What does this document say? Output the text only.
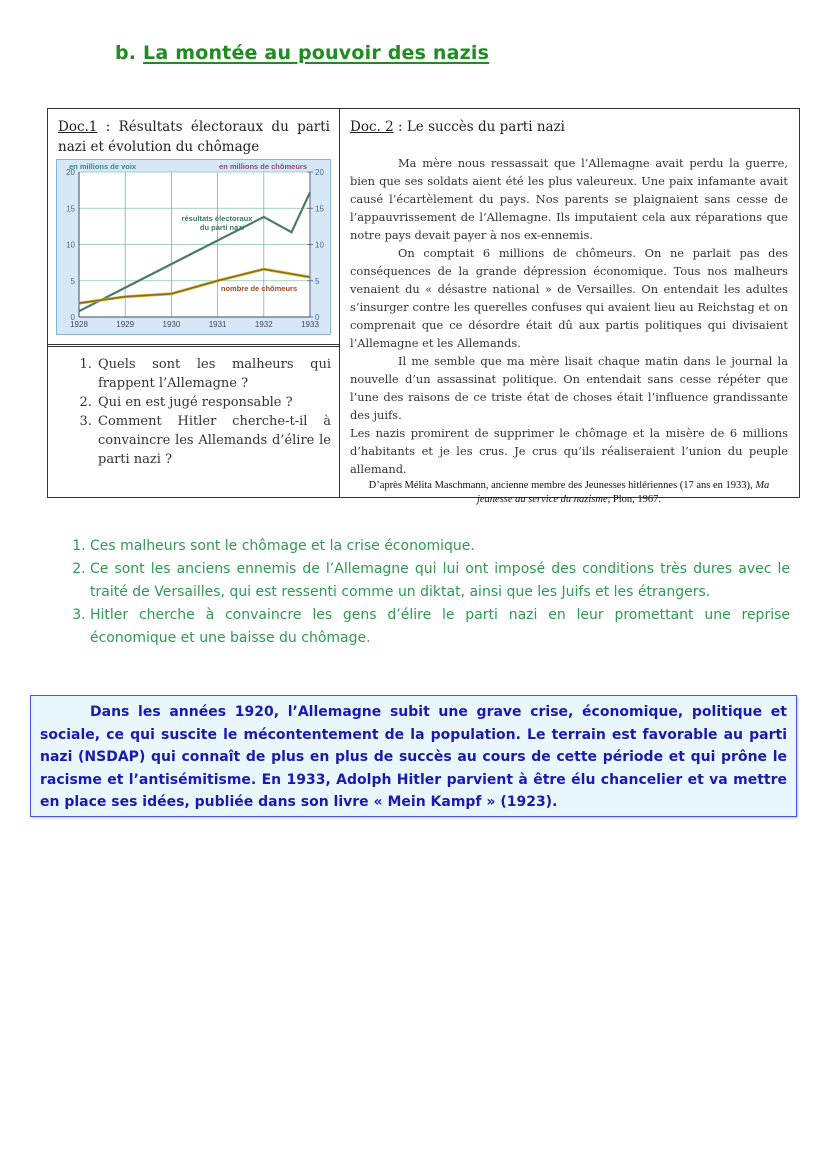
b. La montée au pouvoir des nazis
Doc.1 : Résultats électoraux du parti nazi et évolution du chômage
0	0
5	5
10	10
15	15
20	20
1928	1929	1930	1931	1932	1933
en millions de voix	en millions de chômeurs
résultats électoraux
du parti nazi
nombre de chômeurs
1. Quels sont les malheurs qui frappent l’Allemagne ?
2. Qui en est jugé responsable ?
3. Comment Hitler cherche-t-il à convaincre les Allemands d’élire le parti nazi ?
Doc. 2 : Le succès du parti nazi

Ma mère nous ressassait que l’Allemagne avait perdu la guerre, bien que ses soldats aient été les plus valeureux. Une paix infamante avait causé l’écartèlement du pays. Nos parents se plaignaient sans cesse de l’appauvrissement de l’Allemagne. Ils imputaient cela aux réparations que notre pays devait payer à nos ex-ennemis.

On comptait 6 millions de chômeurs. On ne parlait pas des conséquences de la grande dépression économique. Tous nos malheurs venaient du « désastre national » de Versailles. On entendait les adultes s’insurger contre les querelles confuses qui avaient lieu au Reichstag et on comprenait que ce désordre était dû aux partis politiques qui divisaient l’Allemagne et les Allemands.

Il me semble que ma mère lisait chaque matin dans le journal la nouvelle d’un assassinat politique. On entendait sans cesse répéter que l’une des raisons de ce triste état de choses était l’influence grandissante des juifs.

Les nazis promirent de supprimer le chômage et la misère de 6 millions d’habitants et je les crus. Je crus qu’ils réaliseraient l’union du peuple allemand.

D’après Mélita Maschmann, ancienne membre des Jeunesses hitlériennes (17 ans en 1933), Ma jeunesse au service du nazisme, Plon, 1967.
1. Ces malheurs sont le chômage et la crise économique.
2. Ce sont les anciens ennemis de l’Allemagne qui lui ont imposé des conditions très dures avec le traité de Versailles, qui est ressenti comme un diktat, ainsi que les Juifs et les étrangers.
3. Hitler cherche à convaincre les gens d’élire le parti nazi en leur promettant une reprise économique et une baisse du chômage.
Dans les années 1920, l’Allemagne subit une grave crise, économique, politique et sociale, ce qui suscite le mécontentement de la population. Le terrain est favorable au parti nazi (NSDAP) qui connaît de plus en plus de succès au cours de cette période et qui prône le racisme et l’antisémitisme. En 1933, Adolph Hitler parvient à être élu chancelier et va mettre en place ses idées, publiée dans son livre « Mein Kampf » (1923).
